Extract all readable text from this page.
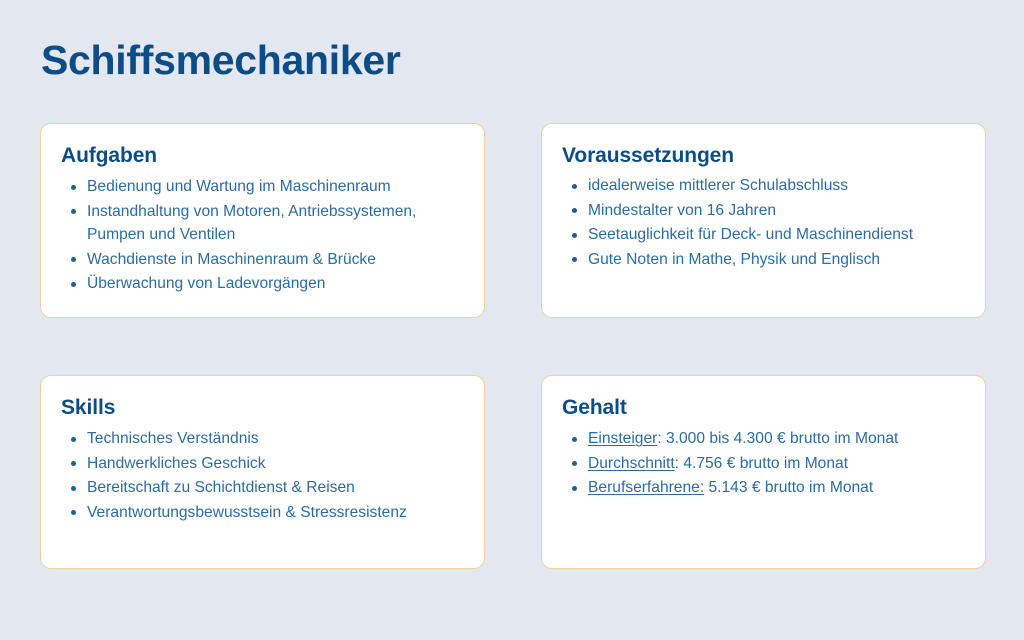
Schiffsmechaniker
Aufgaben
Bedienung und Wartung im Maschinenraum
Instandhaltung von Motoren, Antriebssystemen, Pumpen und Ventilen
Wachdienste in Maschinenraum & Brücke
Überwachung von Ladevorgängen
Voraussetzungen
idealerweise mittlerer Schulabschluss
Mindestalter von 16 Jahren
Seetauglichkeit für Deck- und Maschinendienst
Gute Noten in Mathe, Physik und Englisch
Skills
Technisches Verständnis
Handwerkliches Geschick
Bereitschaft zu Schichtdienst & Reisen
Verantwortungsbewusstsein & Stressresistenz
Gehalt
Einsteiger: 3.000 bis 4.300 € brutto im Monat
Durchschnitt: 4.756 € brutto im Monat
Berufserfahrene: 5.143 € brutto im Monat
